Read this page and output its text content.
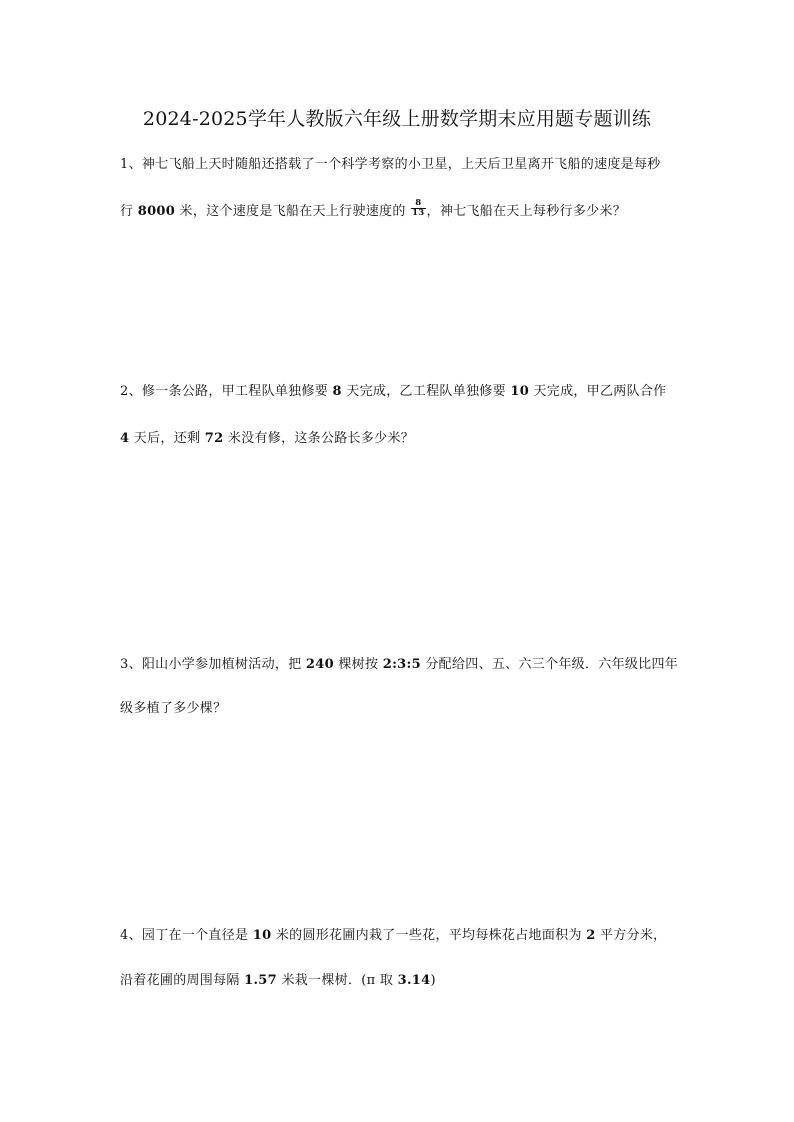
2024-2025学年人教版六年级上册数学期末应用题专题训练
1、神七飞船上天时随船还搭载了一个科学考察的小卫星，上天后卫星离开飞船的速度是每秒
行 8000 米，这个速度是飞船在天上行驶速度的 $\frac{8}{13}$ ，神七飞船在天上每秒行多少米？
2、修一条公路，甲工程队单独修要 8 天完成，乙工程队单独修要 10 天完成，甲乙两队合作
4 天后，还剩 72 米没有修，这条公路长多少米？
3、阳山小学参加植树活动，把 240 棵树按 2:3:5 分配给四、五、六三个年级．六年级比四年
级多植了多少棵？
4、园丁在一个直径是 10 米的圆形花圃内栽了一些花，平均每株花占地面积为 2 平方分米，
沿着花圃的周围每隔 1.57 米栽一棵树．(π 取 3.14)
